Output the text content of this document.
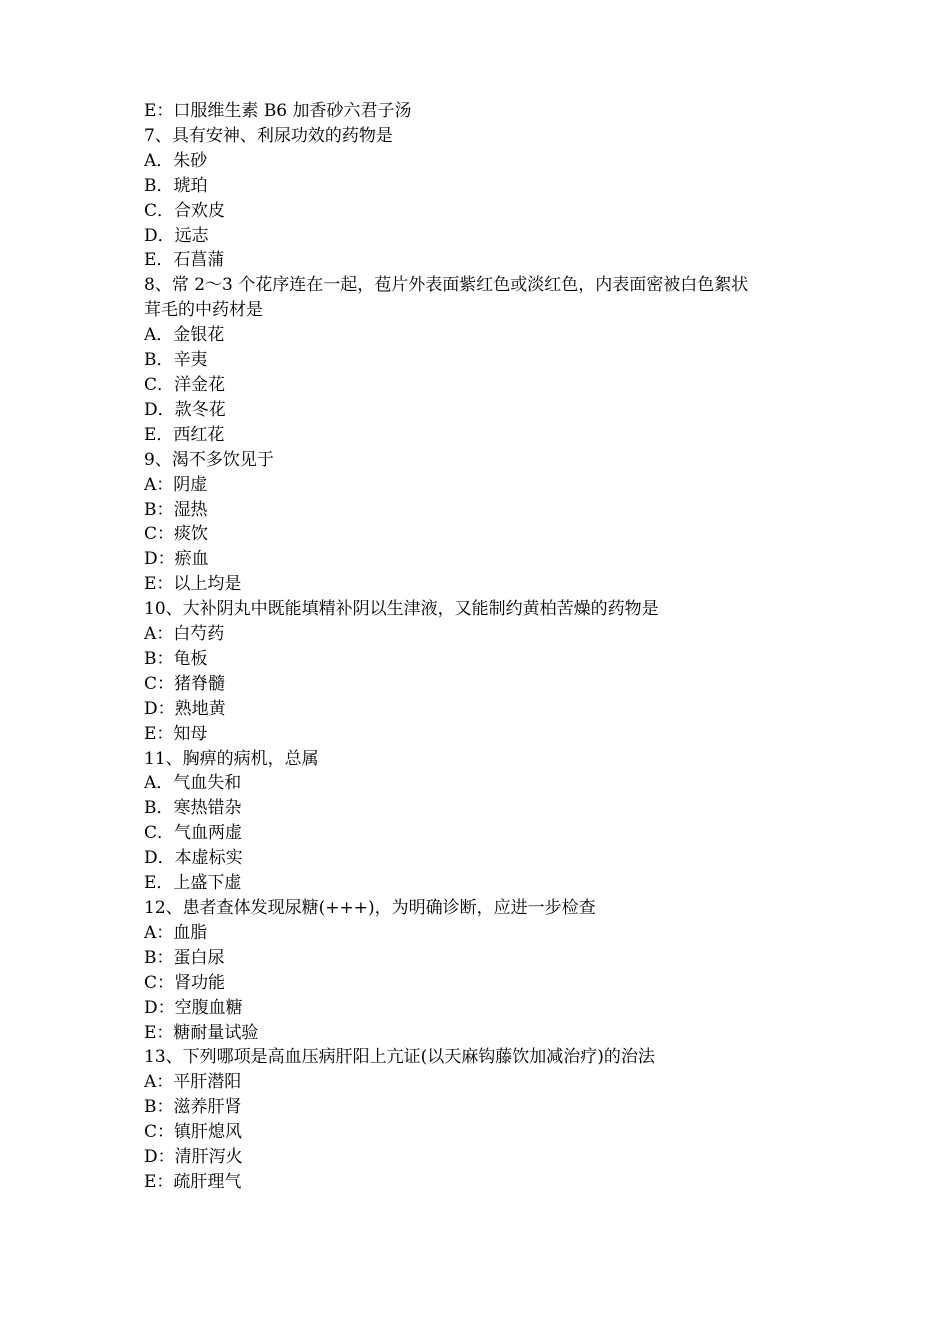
E：口服维生素 B6 加香砂六君子汤

7、具有安神、利尿功效的药物是

A．朱砂

B．琥珀

C．合欢皮

D．远志

E．石菖蒲

8、常 2～3 个花序连在一起，苞片外表面紫红色或淡红色，内表面密被白色絮状

茸毛的中药材是

A．金银花

B．辛夷

C．洋金花

D．款冬花

E．西红花

9、渴不多饮见于

A：阴虚

B：湿热

C：痰饮

D：瘀血

E：以上均是

10、大补阴丸中既能填精补阴以生津液，又能制约黄柏苦燥的药物是

A：白芍药

B：龟板

C：猪脊髓

D：熟地黄

E：知母

11、胸痹的病机，总属

A．气血失和

B．寒热错杂

C．气血两虚

D．本虚标实

E．上盛下虚

12、患者查体发现尿糖(+++)，为明确诊断，应进一步检查

A：血脂

B：蛋白尿

C：肾功能

D：空腹血糖

E：糖耐量试验

13、下列哪项是高血压病肝阳上亢证(以天麻钩藤饮加减治疗)的治法

A：平肝潜阳

B：滋养肝肾

C：镇肝熄风

D：清肝泻火

E：疏肝理气
